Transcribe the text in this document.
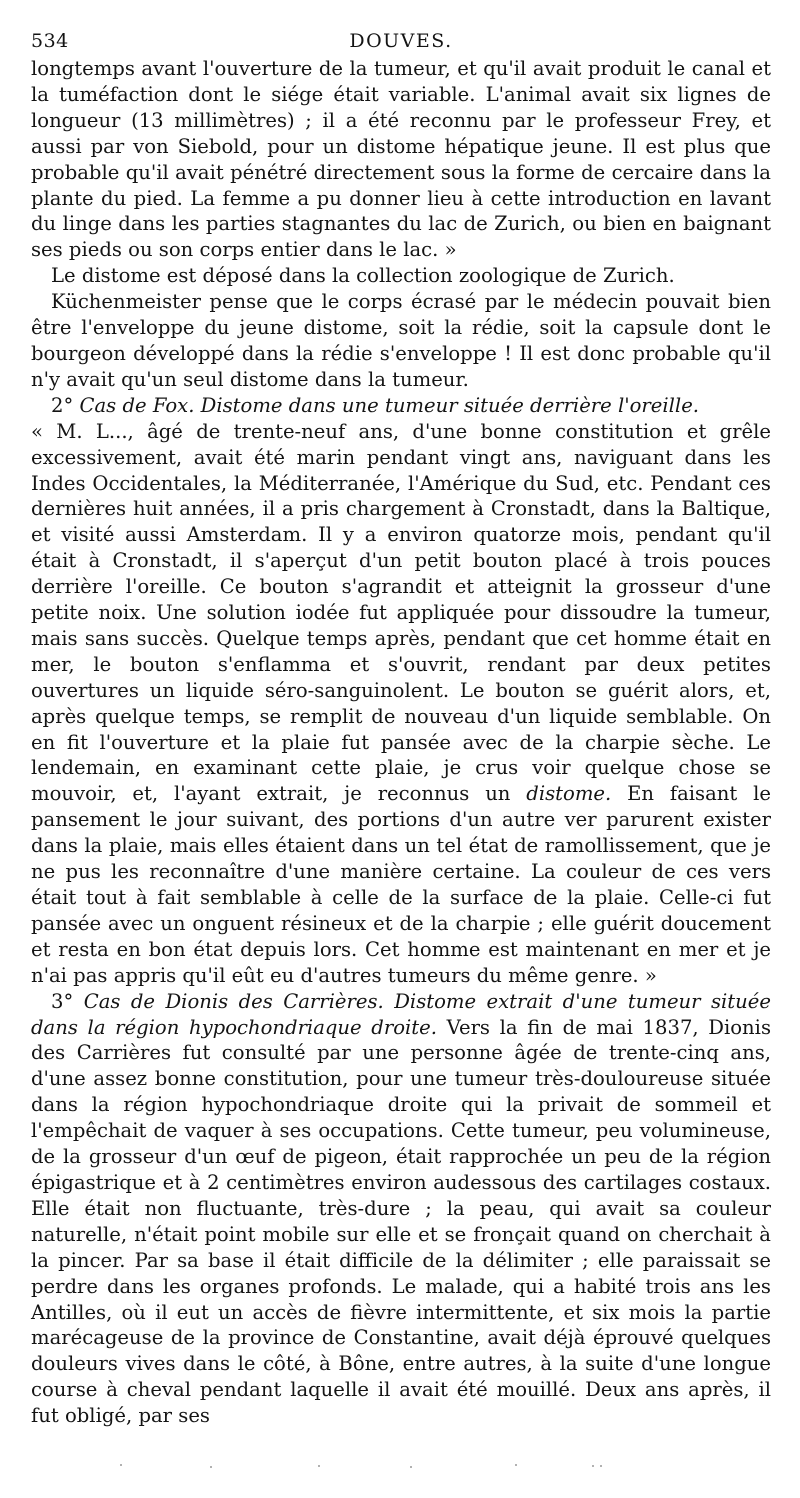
534	DOUVES.

longtemps avant l'ouverture de la tumeur, et qu'il avait produit le canal et la tuméfaction dont le siége était variable. L'animal avait six lignes de longueur (13 millimètres) ; il a été reconnu par le professeur Frey, et aussi par von Siebold, pour un distome hépatique jeune. Il est plus que probable qu'il avait pénétré directement sous la forme de cercaire dans la plante du pied. La femme a pu donner lieu à cette introduction en lavant du linge dans les parties stagnantes du lac de Zurich, ou bien en baignant ses pieds ou son corps entier dans le lac. »

Le distome est déposé dans la collection zoologique de Zurich.

Küchenmeister pense que le corps écrasé par le médecin pouvait bien être l'enveloppe du jeune distome, soit la rédie, soit la capsule dont le bourgeon développé dans la rédie s'enveloppe ! Il est donc probable qu'il n'y avait qu'un seul distome dans la tumeur.

2° Cas de Fox. Distome dans une tumeur située derrière l'oreille.

« M. L..., âgé de trente-neuf ans, d'une bonne constitution et grêle excessivement, avait été marin pendant vingt ans, naviguant dans les Indes Occidentales, la Méditerranée, l'Amérique du Sud, etc. Pendant ces dernières huit années, il a pris chargement à Cronstadt, dans la Baltique, et visité aussi Amsterdam. Il y a environ quatorze mois, pendant qu'il était à Cronstadt, il s'aperçut d'un petit bouton placé à trois pouces derrière l'oreille. Ce bouton s'agrandit et atteignit la grosseur d'une petite noix. Une solution iodée fut appliquée pour dissoudre la tumeur, mais sans succès. Quelque temps après, pendant que cet homme était en mer, le bouton s'enflamma et s'ouvrit, rendant par deux petites ouvertures un liquide séro-sanguinolent. Le bouton se guérit alors, et, après quelque temps, se remplit de nouveau d'un liquide semblable. On en fit l'ouverture et la plaie fut pansée avec de la charpie sèche. Le lendemain, en examinant cette plaie, je crus voir quelque chose se mouvoir, et, l'ayant extrait, je reconnus un distome. En faisant le pansement le jour suivant, des portions d'un autre ver parurent exister dans la plaie, mais elles étaient dans un tel état de ramollissement, que je ne pus les reconnaître d'une manière certaine. La couleur de ces vers était tout à fait semblable à celle de la surface de la plaie. Celle-ci fut pansée avec un onguent résineux et de la charpie ; elle guérit doucement et resta en bon état depuis lors. Cet homme est maintenant en mer et je n'ai pas appris qu'il eût eu d'autres tumeurs du même genre. »

3° Cas de Dionis des Carrières. Distome extrait d'une tumeur située dans la région hypochondriaque droite. Vers la fin de mai 1837, Dionis des Carrières fut consulté par une personne âgée de trente-cinq ans, d'une assez bonne constitution, pour une tumeur très-douloureuse située dans la région hypochondriaque droite qui la privait de sommeil et l'empêchait de vaquer à ses occupations. Cette tumeur, peu volumineuse, de la grosseur d'un œuf de pigeon, était rapprochée un peu de la région épigastrique et à 2 centimètres environ audessous des cartilages costaux. Elle était non fluctuante, très-dure ; la peau, qui avait sa couleur naturelle, n'était point mobile sur elle et se fronçait quand on cherchait à la pincer. Par sa base il était difficile de la délimiter ; elle paraissait se perdre dans les organes profonds. Le malade, qui a habité trois ans les Antilles, où il eut un accès de fièvre intermittente, et six mois la partie marécageuse de la province de Constantine, avait déjà éprouvé quelques douleurs vives dans le côté, à Bône, entre autres, à la suite d'une longue course à cheval pendant laquelle il avait été mouillé. Deux ans après, il fut obligé, par ses
